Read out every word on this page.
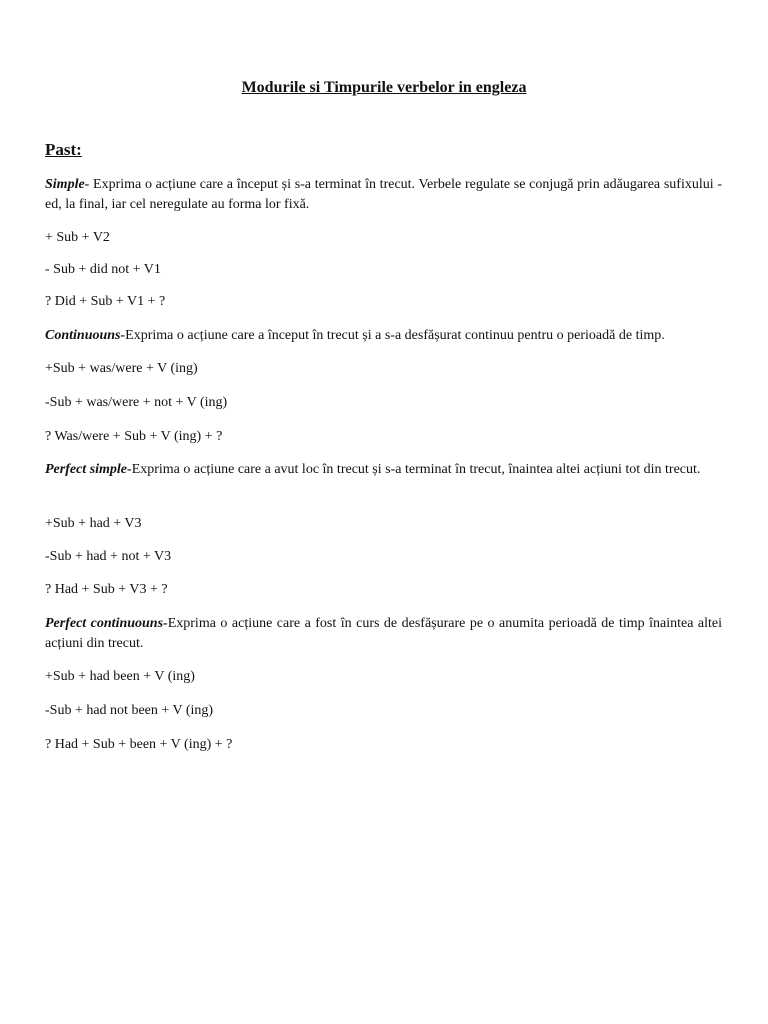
Modurile si Timpurile verbelor in engleza
Past:

Simple- Exprima o acțiune care a început și s-a terminat în trecut. Verbele regulate se conjugă prin adăugarea sufixului -ed, la final, iar cel neregulate au forma lor fixă.

+ Sub + V2

- Sub + did not + V1

? Did + Sub + V1 + ?

Continuouns-Exprima o acțiune care a început în trecut și a s-a desfășurat continuu pentru o perioadă de timp.

+Sub + was/were + V (ing)

-Sub + was/were + not + V (ing)

? Was/were + Sub + V (ing) + ?

Perfect simple-Exprima o acțiune care a avut loc în trecut și s-a terminat în trecut, înaintea altei acțiuni tot din trecut.

+Sub + had + V3

-Sub + had + not + V3

? Had + Sub + V3 + ?

Perfect continuouns-Exprima o acțiune care a fost în curs de desfășurare pe o anumita perioadă de timp înaintea altei acțiuni din trecut.

+Sub + had been + V (ing)

-Sub + had not been + V (ing)

? Had + Sub + been + V (ing) + ?
